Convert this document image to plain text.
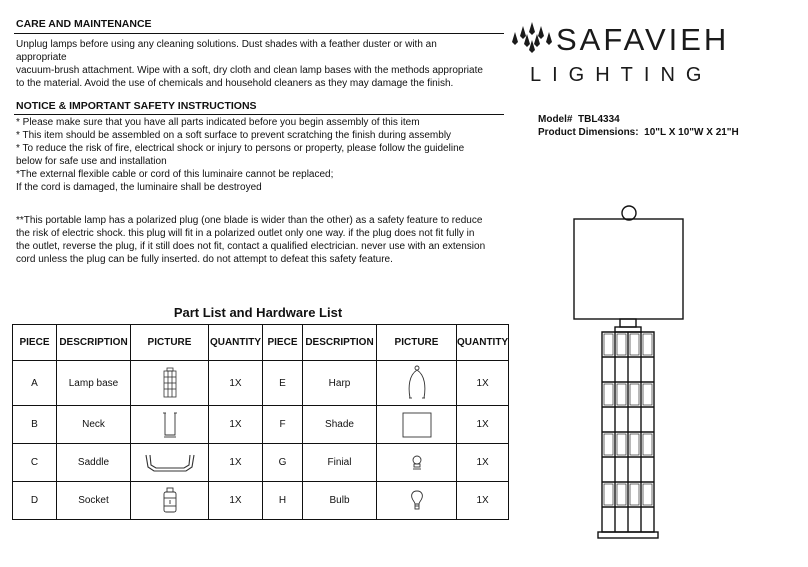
CARE AND MAINTENANCE
Unplug lamps before using any cleaning solutions. Dust shades with a feather duster or with an
appropriate
vacuum-brush attachment. Wipe with a soft, dry cloth and clean lamp bases with the methods appropriate
to the material. Avoid the use of chemicals and household cleaners as they may damage the finish.
NOTICE & IMPORTANT SAFETY INSTRUCTIONS
* Please make sure that you have all parts indicated before you begin assembly of this item
* This item should be assembled on a soft surface to prevent scratching the finish during assembly
* To reduce the risk of fire, electrical shock or injury to persons or property, please follow the guideline
below for safe use and installation
*The external flexible cable or cord of this luminaire cannot be replaced;
If the cord is damaged, the luminaire shall be destroyed
**This portable lamp has a polarized plug (one blade is wider than the other) as a safety feature to reduce
the risk of electric shock. this plug will fit in a polarized outlet only one way. if the plug does not fit fully in
the outlet, reverse the plug, if it still does not fit, contact a qualified electrician. never use with an extension
cord unless the plug can be fully inserted. do not attempt to defeat this safety feature.
SAFAVIEH
LIGHTING
Model# TBL4334
Product Dimensions: 10"L X 10"W X 21"H
Part List and Hardware List
PIECE	DESCRIPTION	PICTURE	QUANTITY	PIECE	DESCRIPTION	PICTURE	QUANTITY
A	Lamp base		1X	E	Harp		1X
B	Neck		1X	F	Shade		1X
C	Saddle		1X	G	Finial		1X
D	Socket		1X	H	Bulb		1X
